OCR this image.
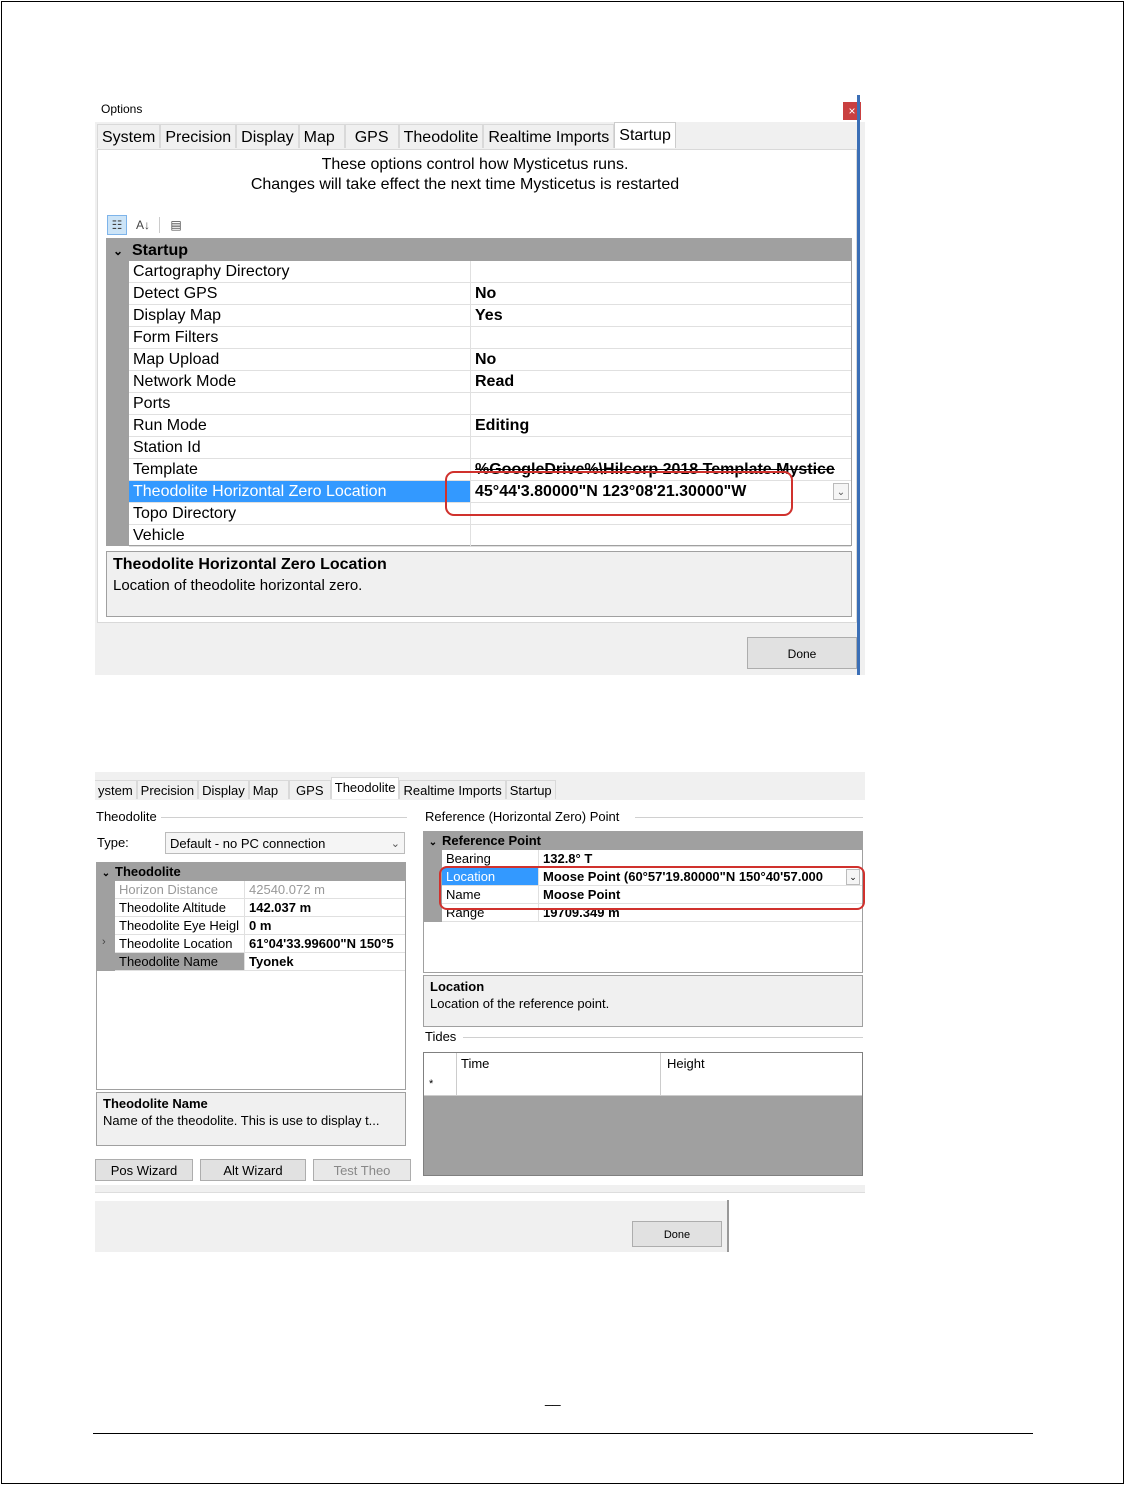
Options	×
System Precision Display Map	GPS Theodolite Realtime Imports Startup
These options control how Mysticetus runs.
Changes will take effect the next time Mysticetus is restarted
☷	A↓	▤
⌄ Startup
Cartography Directory
Detect GPS	No
Display Map	Yes
Form Filters
Map Upload	No
Network Mode	Read
Ports
Run Mode	Editing
Station Id
Template	%GoogleDrive%\Hilcorp 2018 Template.Mystice
Theodolite Horizontal Zero Location	45°44'3.80000"N 123°08'21.30000"W	⌄
Topo Directory
Vehicle
Theodolite Horizontal Zero Location
Location of theodolite horizontal zero.
Done
ystem Precision Display Map	GPS Theodolite Realtime Imports Startup
Theodolite
Type:	Default - no PC connection	⌄
⌄ Theodolite
Horizon Distance	42540.072 m
Theodolite Altitude	142.037 m
Theodolite Eye Heigl 0 m
Theodolite Location	61°04'33.99600"N 150°5
›
Theodolite Name	Tyonek
Theodolite Name
Name of the theodolite. This is use to display t...
Pos Wizard	Alt Wizard	Test Theo
Reference (Horizontal Zero) Point
⌄ Reference Point
Bearing	132.8° T
Location	Moose Point (60°57'19.80000"N 150°40'57.000	⌄
Name	Moose Point
Range	19709.349 m
Location
Location of the reference point.
Tides
Time	Height
*
Done
__
